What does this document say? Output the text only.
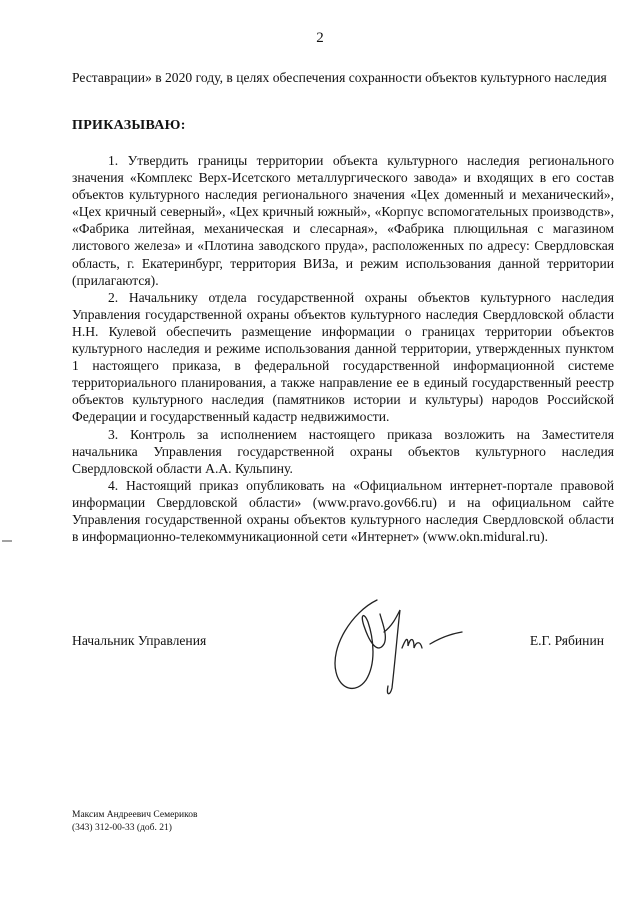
2
Реставрации» в 2020 году, в целях обеспечения сохранности объектов культурного наследия
ПРИКАЗЫВАЮ:

1. Утвердить границы территории объекта культурного наследия регионального значения «Комплекс Верх-Исетского металлургического завода» и входящих в его состав объектов культурного наследия регионального значения «Цех доменный и механический», «Цех кричный северный», «Цех кричный южный», «Корпус вспомогательных производств», «Фабрика литейная, механическая и слесарная», «Фабрика плющильная с магазином листового железа» и «Плотина заводского пруда», расположенных по адресу: Свердловская область, г. Екатеринбург, территория ВИЗа, и режим использования данной территории (прилагаются).

2. Начальнику отдела государственной охраны объектов культурного наследия Управления государственной охраны объектов культурного наследия Свердловской области Н.Н. Кулевой обеспечить размещение информации о границах территории объектов культурного наследия и режиме использования данной территории, утвержденных пунктом 1 настоящего приказа, в федеральной государственной информационной системе территориального планирования, а также направление ее в единый государственный реестр объектов культурного наследия (памятников истории и культуры) народов Российской Федерации и государственный кадастр недвижимости.

3. Контроль за исполнением настоящего приказа возложить на Заместителя начальника Управления государственной охраны объектов культурного наследия Свердловской области А.А. Кульпину.

4. Настоящий приказ опубликовать на «Официальном интернет-портале правовой информации Свердловской области» (www.pravo.gov66.ru) и на официальном сайте Управления государственной охраны объектов культурного наследия Свердловской области в информационно-телекоммуникационной сети «Интернет» (www.okn.midural.ru).

Начальник Управления	Е.Г. Рябинин
Максим Андреевич Семериков
(343) 312-00-33 (доб. 21)
